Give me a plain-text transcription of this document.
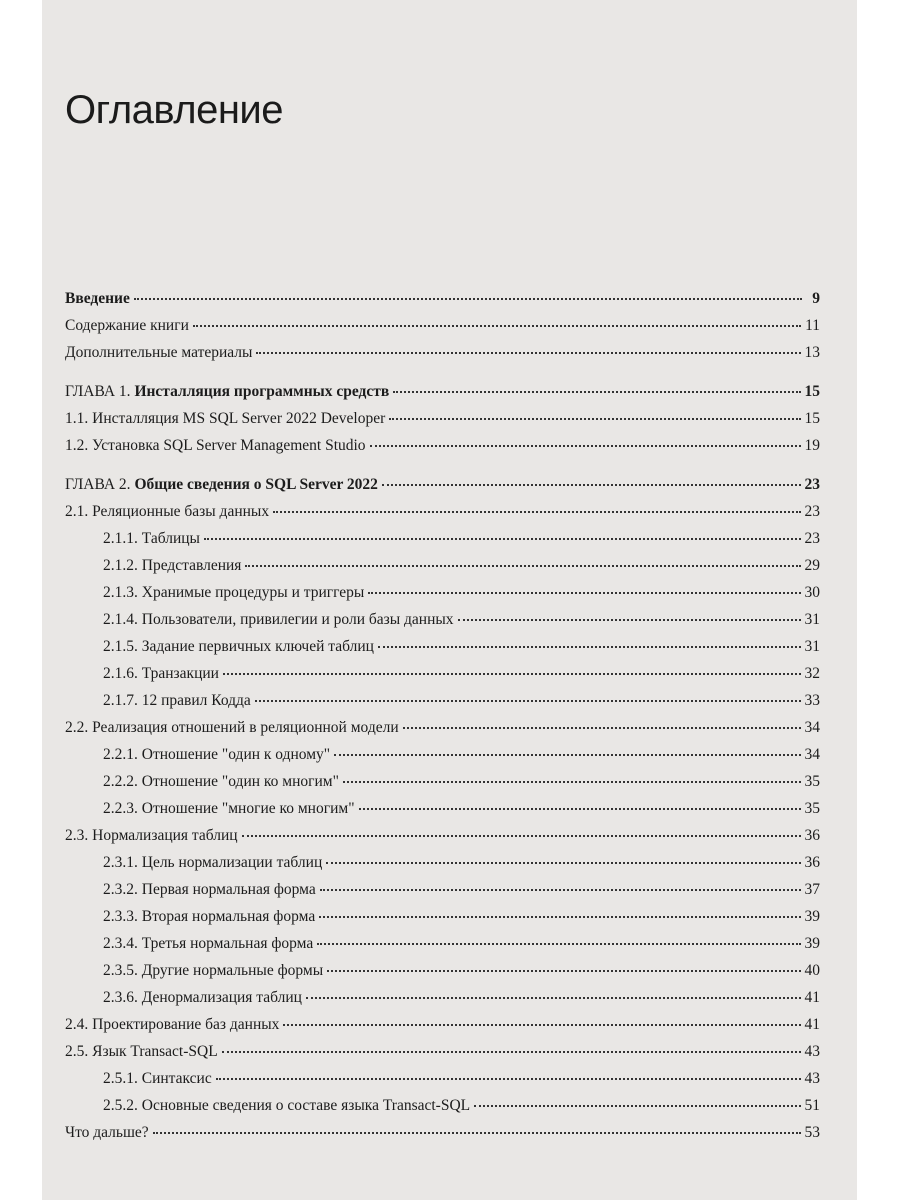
Оглавление
Введение	9
Содержание книги	11
Дополнительные материалы	13
ГЛАВА 1. Инсталляция программных средств	15
1.1. Инсталляция MS SQL Server 2022 Developer	15
1.2. Установка SQL Server Management Studio	19
ГЛАВА 2. Общие сведения о SQL Server 2022	23
2.1. Реляционные базы данных	23
2.1.1. Таблицы	23
2.1.2. Представления	29
2.1.3. Хранимые процедуры и триггеры	30
2.1.4. Пользователи, привилегии и роли базы данных	31
2.1.5. Задание первичных ключей таблиц	31
2.1.6. Транзакции	32
2.1.7. 12 правил Кодда	33
2.2. Реализация отношений в реляционной модели	34
2.2.1. Отношение "один к одному"	34
2.2.2. Отношение "один ко многим"	35
2.2.3. Отношение "многие ко многим"	35
2.3. Нормализация таблиц	36
2.3.1. Цель нормализации таблиц	36
2.3.2. Первая нормальная форма	37
2.3.3. Вторая нормальная форма	39
2.3.4. Третья нормальная форма	39
2.3.5. Другие нормальные формы	40
2.3.6. Денормализация таблиц	41
2.4. Проектирование баз данных	41
2.5. Язык Transact-SQL	43
2.5.1. Синтаксис	43
2.5.2. Основные сведения о составе языка Transact-SQL	51
Что дальше?	53
